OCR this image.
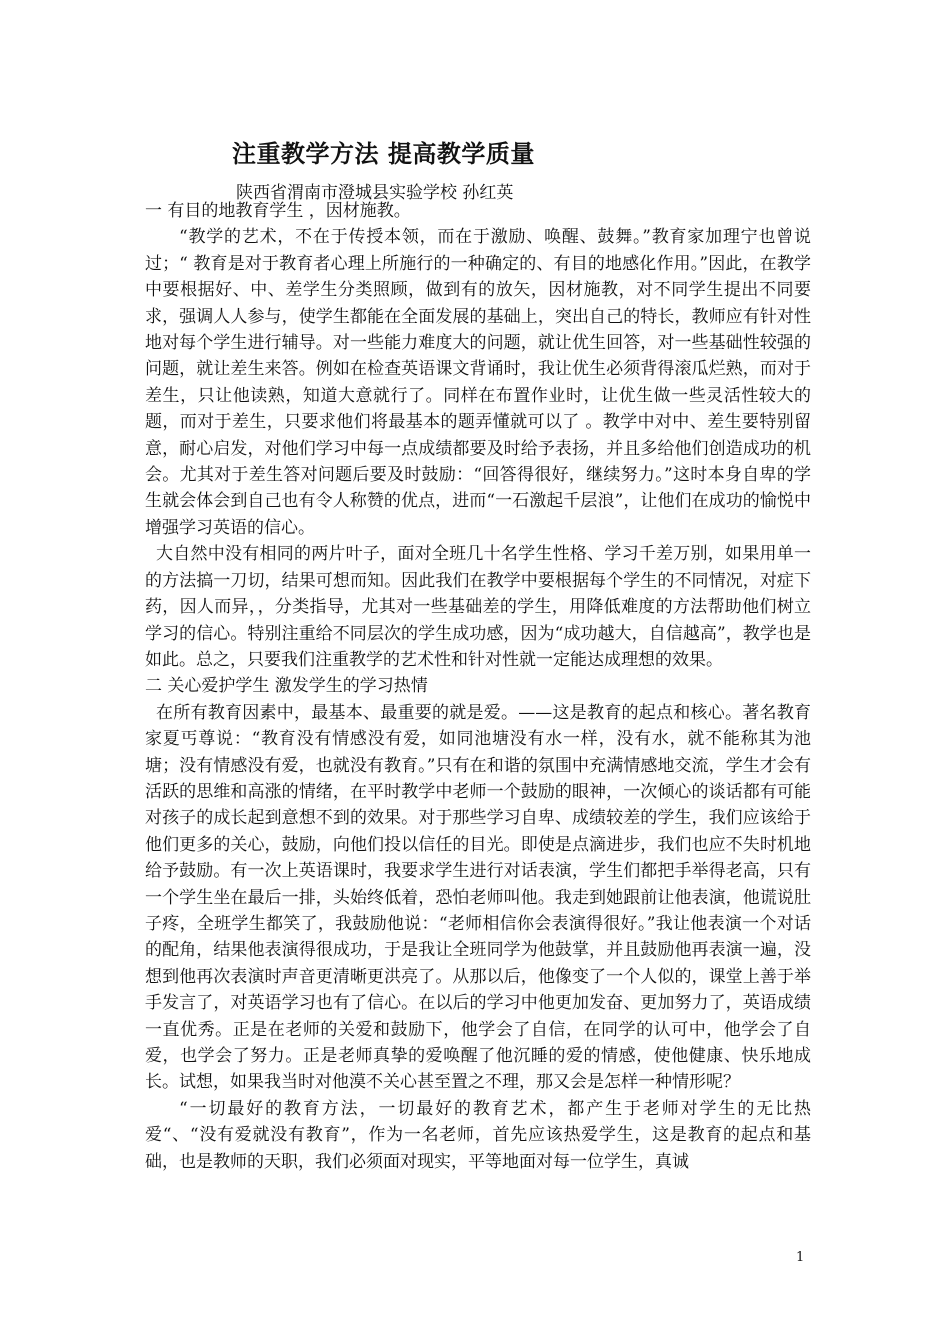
注重教学方法 提高教学质量
陕西省渭南市澄城县实验学校 孙红英

一 有目的地教育学生 ，因材施教。

“教学的艺术，不在于传授本领，而在于激励、唤醒、鼓舞。”教育家加理宁也曾说过；“ 教育是对于教育者心理上所施行的一种确定的、有目的地感化作用。”因此，在教学中要根据好、中、差学生分类照顾，做到有的放矢，因材施教，对不同学生提出不同要求，强调人人参与，使学生都能在全面发展的基础上，突出自己的特长，教师应有针对性地对每个学生进行辅导。对一些能力难度大的问题，就让优生回答，对一些基础性较强的问题，就让差生来答。例如在检查英语课文背诵时，我让优生必须背得滚瓜烂熟，而对于差生，只让他读熟，知道大意就行了。同样在布置作业时，让优生做一些灵活性较大的题，而对于差生，只要求他们将最基本的题弄懂就可以了 。教学中对中、差生要特别留意，耐心启发，对他们学习中每一点成绩都要及时给予表扬，并且多给他们创造成功的机会。尤其对于差生答对问题后要及时鼓励：“回答得很好，继续努力。”这时本身自卑的学生就会体会到自己也有令人称赞的优点，进而“一石激起千层浪”，让他们在成功的愉悦中增强学习英语的信心。

大自然中没有相同的两片叶子，面对全班几十名学生性格、学习千差万别，如果用单一的方法搞一刀切，结果可想而知。因此我们在教学中要根据每个学生的不同情况，对症下药，因人而异，，分类指导，尤其对一些基础差的学生，用降低难度的方法帮助他们树立学习的信心。特别注重给不同层次的学生成功感，因为“成功越大，自信越高”，教学也是如此。总之，只要我们注重教学的艺术性和针对性就一定能达成理想的效果。

二 关心爱护学生 激发学生的学习热情

在所有教育因素中，最基本、最重要的就是爱。——这是教育的起点和核心。著名教育家夏丐尊说：“教育没有情感没有爱，如同池塘没有水一样，没有水，就不能称其为池塘；没有情感没有爱，也就没有教育。”只有在和谐的氛围中充满情感地交流，学生才会有活跃的思维和高涨的情绪，在平时教学中老师一个鼓励的眼神，一次倾心的谈话都有可能对孩子的成长起到意想不到的效果。对于那些学习自卑、成绩较差的学生，我们应该给于他们更多的关心，鼓励，向他们投以信任的目光。即使是点滴进步，我们也应不失时机地给予鼓励。有一次上英语课时，我要求学生进行对话表演，学生们都把手举得老高，只有一个学生坐在最后一排，头始终低着，恐怕老师叫他。我走到她跟前让他表演，他谎说肚子疼，全班学生都笑了，我鼓励他说：“老师相信你会表演得很好。”我让他表演一个对话的配角，结果他表演得很成功，于是我让全班同学为他鼓掌，并且鼓励他再表演一遍，没想到他再次表演时声音更清晰更洪亮了。从那以后，他像变了一个人似的，课堂上善于举手发言了，对英语学习也有了信心。在以后的学习中他更加发奋、更加努力了，英语成绩一直优秀。正是在老师的关爱和鼓励下，他学会了自信，在同学的认可中，他学会了自爱，也学会了努力。正是老师真挚的爱唤醒了他沉睡的爱的情感，使他健康、快乐地成长。试想，如果我当时对他漠不关心甚至置之不理，那又会是怎样一种情形呢？

“一切最好的教育方法，一切最好的教育艺术，都产生于老师对学生的无比热爱“、“没有爱就没有教育”，作为一名老师，首先应该热爱学生，这是教育的起点和基础，也是教师的天职，我们必须面对现实，平等地面对每一位学生，真诚

1
